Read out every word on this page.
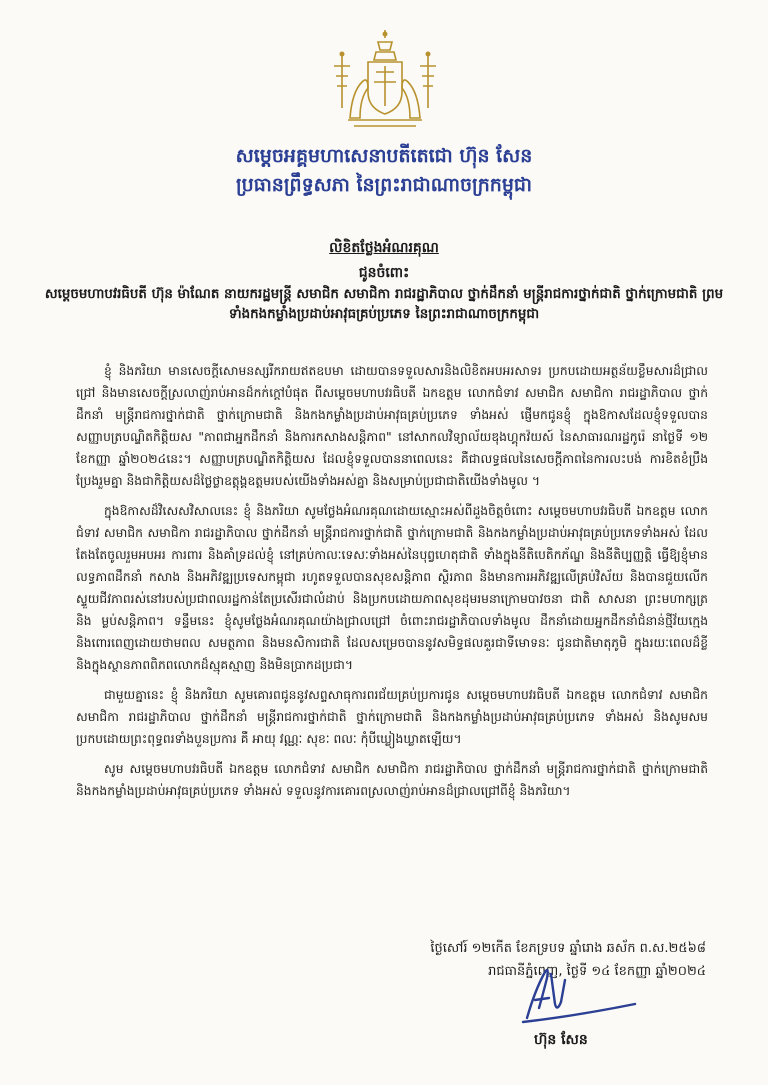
សម្ដេចអគ្គមហាសេនាបតីតេជោ ហ៊ុន សែន
ប្រធានព្រឹទ្ធសភា នៃព្រះរាជាណាចក្រកម្ពុជា
លិខិតថ្លែងអំណរគុណ
ជូនចំពោះ
សម្ដេចមហាបវរធិបតី ហ៊ុន ម៉ាណែត នាយករដ្ឋមន្ត្រី សមាជិក សមាជិកា រាជរដ្ឋាភិបាល ថ្នាក់ដឹកនាំ មន្ត្រីរាជការថ្នាក់ជាតិ ថ្នាក់ក្រោមជាតិ ព្រមទាំងកងកម្លាំងប្រដាប់អាវុធគ្រប់ប្រភេទ នៃព្រះរាជាណាចក្រកម្ពុជា

ខ្ញុំ និងភរិយា មានសេចក្ដីសោមនស្សរីករាយឥតឧបមា ដោយបានទទួលសារនិងលិខិតអបអរសាទរ ប្រកបដោយអត្ថន័យខ្លឹមសារដ៏ជ្រាលជ្រៅ និងមានសេចក្ដីស្រលាញ់រាប់អានដ៏កក់ក្ដៅបំផុត ពីសម្ដេចមហាបវរធិបតី ឯកឧត្តម លោកជំទាវ សមាជិក សមាជិកា រាជរដ្ឋាភិបាល ថ្នាក់ដឹកនាំ មន្ត្រីរាជការថ្នាក់ជាតិ ថ្នាក់ក្រោមជាតិ និងកងកម្លាំងប្រដាប់អាវុធគ្រប់ប្រភេទ ទាំងអស់ ផ្ញើមកជូនខ្ញុំ ក្នុងឱកាសដែលខ្ញុំទទួលបាន សញ្ញាបត្របណ្ឌិតកិត្តិយស "ភាពជាអ្នកដឹកនាំ និងការកសាងសន្តិភាព" នៅសាកលវិទ្យាល័យឌុងហ្គុកវ៉យស៍ នៃសាធារណរដ្ឋកូរ៉េ នាថ្ងៃទី ១២ ខែកញ្ញា ឆ្នាំ២០២៤នេះ។ សញ្ញាបត្របណ្ឌិតកិត្តិយស ដែលខ្ញុំទទួលបាននាពេលនេះ គឺជាលទ្ធផលនៃសេចក្ដីភាពនៃការលះបង់ ការខិតខំប្រឹងប្រែងរួមគ្នា និងជាកិត្តិយសដ៏ថ្លៃថ្លាឧត្ដុង្គឧត្ដមរបស់យើងទាំងអស់គ្នា និងសម្រាប់ប្រជាជាតិយើងទាំងមូល ។

ក្នុងឱកាសដ៏វិសេសវិសាលនេះ ខ្ញុំ និងភរិយា សូមថ្លែងអំណរគុណដោយស្មោះអស់ពីដួងចិត្តចំពោះ សម្ដេចមហាបវរធិបតី ឯកឧត្តម លោកជំទាវ សមាជិក សមាជិកា រាជរដ្ឋាភិបាល ថ្នាក់ដឹកនាំ មន្ត្រីរាជការថ្នាក់ជាតិ ថ្នាក់ក្រោមជាតិ និងកងកម្លាំងប្រដាប់អាវុធគ្រប់ប្រភេទទាំងអស់ ដែលតែងតែចូលរួមអបអរ ការពារ និងគាំទ្រដល់ខ្ញុំ នៅគ្រប់កាលៈទេសៈទាំងអស់នៃបុព្វហេតុជាតិ ទាំងក្នុងនីតិបេតិកភ័ណ្ឌ និងនីតិប្បញ្ញត្តិ ធ្វើឱ្យខ្ញុំមានលទ្ធភាពដឹកនាំ កសាង និងអភិវឌ្ឍប្រទេសកម្ពុជា រហូតទទួលបានសុខសន្តិភាព ស្ថិរភាព និងមានការអភិវឌ្ឍលើគ្រប់វិស័យ និងបានជួយលើកស្ទួយជីវភាពរស់នៅរបស់ប្រជាពលរដ្ឋកាន់តែប្រសើរជាលំដាប់ និងប្រកបដោយភាពសុខដុមរមនាក្រោមបាវចនា ជាតិ សាសនា ព្រះមហាក្សត្រ និង ម្លប់សន្តិភាព។ ទន្ទឹមនេះ ខ្ញុំសូមថ្លែងអំណរគុណយ៉ាងជ្រាលជ្រៅ ចំពោះរាជរដ្ឋាភិបាលទាំងមូល ដឹកនាំដោយអ្នកដឹកនាំជំនាន់ថ្មីវ័យក្មេង និងពោរពេញដោយថាមពល សមត្ថភាព និងមនសិការជាតិ ដែលសម្រេចបាននូវសមិទ្ធផលគួរជាទីមោទនៈ ជូនជាតិមាតុភូមិ ក្នុងរយៈពេលដ៏ខ្លី និងក្នុងស្ថានភាពពិភពលោកដ៏ស្មុគស្មាញ និងមិនប្រាកដប្រជា។

ជាមួយគ្នានេះ ខ្ញុំ និងភរិយា សូមគោរពជូននូវសព្ទសាធុការពរជ័យគ្រប់ប្រការជូន សម្ដេចមហាបវរធិបតី ឯកឧត្តម លោកជំទាវ សមាជិក សមាជិកា រាជរដ្ឋាភិបាល ថ្នាក់ដឹកនាំ មន្ត្រីរាជការថ្នាក់ជាតិ ថ្នាក់ក្រោមជាតិ និងកងកម្លាំងប្រដាប់អាវុធគ្រប់ប្រភេទ ទាំងអស់ និងសូមសមប្រកបដោយព្រះពុទ្ធពរទាំងបួនប្រការ គឺ អាយុ វណ្ណៈ សុខៈ ពលៈ កុំបីឃ្លៀងឃ្លាតឡើយ។

សូម សម្ដេចមហាបវរធិបតី ឯកឧត្តម លោកជំទាវ សមាជិក សមាជិកា រាជរដ្ឋាភិបាល ថ្នាក់ដឹកនាំ មន្ត្រីរាជការថ្នាក់ជាតិ ថ្នាក់ក្រោមជាតិ និងកងកម្លាំងប្រដាប់អាវុធគ្រប់ប្រភេទ ទាំងអស់ ទទួលនូវការគោរពស្រលាញ់រាប់អានដ៏ជ្រាលជ្រៅពីខ្ញុំ និងភរិយា។

ថ្ងៃសៅរ៍ ១២កើត ខែភទ្របទ ឆ្នាំរោង ឆស័ក ព.ស.២៥៦៨
រាជធានីភ្នំពេញ, ថ្ងៃទី ១៤ ខែកញ្ញា ឆ្នាំ២០២៤
ហ៊ុន សែន
